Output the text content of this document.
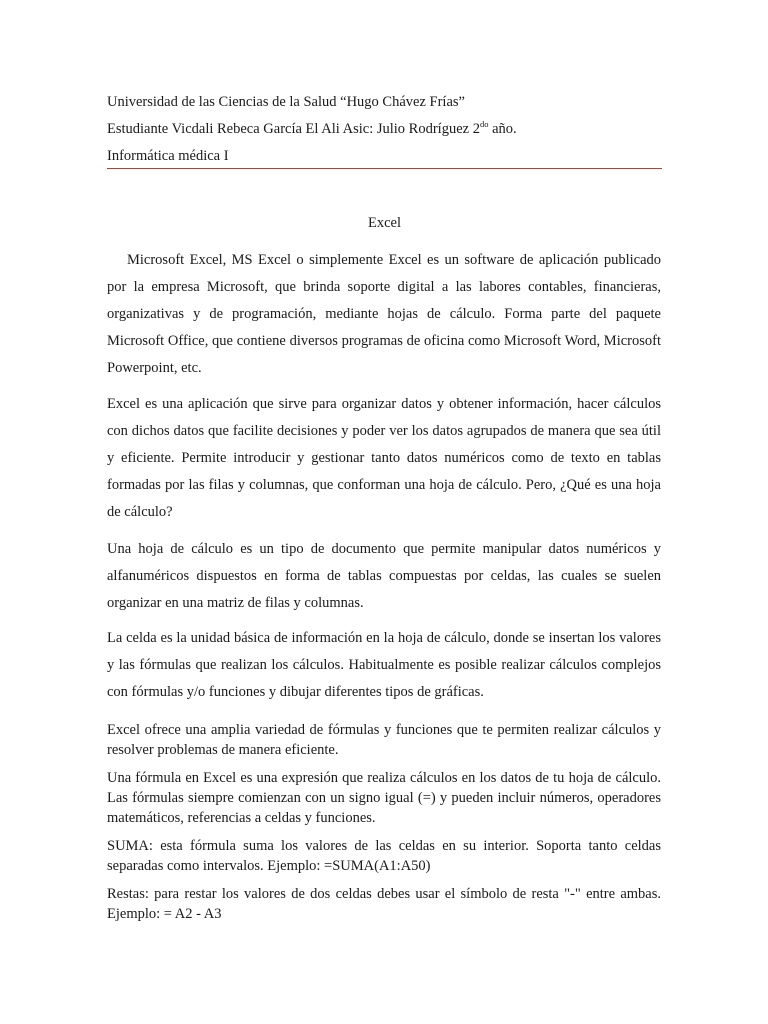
Universidad de las Ciencias de la Salud “Hugo Chávez Frías”
Estudiante Vicdali Rebeca García El Ali Asic: Julio Rodríguez $2^{do}$ año.
Informática médica I
Excel

Microsoft Excel, MS Excel o simplemente Excel es un software de aplicación publicado por la empresa Microsoft, que brinda soporte digital a las labores contables, financieras, organizativas y de programación, mediante hojas de cálculo. Forma parte del paquete Microsoft Office, que contiene diversos programas de oficina como Microsoft Word, Microsoft Powerpoint, etc.

Excel es una aplicación que sirve para organizar datos y obtener información, hacer cálculos con dichos datos que facilite decisiones y poder ver los datos agrupados de manera que sea útil y eficiente. Permite introducir y gestionar tanto datos numéricos como de texto en tablas formadas por las filas y columnas, que conforman una hoja de cálculo. Pero, ¿Qué es una hoja de cálculo?

Una hoja de cálculo es un tipo de documento que permite manipular datos numéricos y alfanuméricos dispuestos en forma de tablas compuestas por celdas, las cuales se suelen organizar en una matriz de filas y columnas.

La celda es la unidad básica de información en la hoja de cálculo, donde se insertan los valores y las fórmulas que realizan los cálculos. Habitualmente es posible realizar cálculos complejos con fórmulas y/o funciones y dibujar diferentes tipos de gráficas.

Excel ofrece una amplia variedad de fórmulas y funciones que te permiten realizar cálculos y resolver problemas de manera eficiente.

Una fórmula en Excel es una expresión que realiza cálculos en los datos de tu hoja de cálculo. Las fórmulas siempre comienzan con un signo igual (=) y pueden incluir números, operadores matemáticos, referencias a celdas y funciones.

SUMA: esta fórmula suma los valores de las celdas en su interior. Soporta tanto celdas separadas como intervalos. Ejemplo: =SUMA(A1:A50)

Restas: para restar los valores de dos celdas debes usar el símbolo de resta "-" entre ambas. Ejemplo: = A2 - A3
